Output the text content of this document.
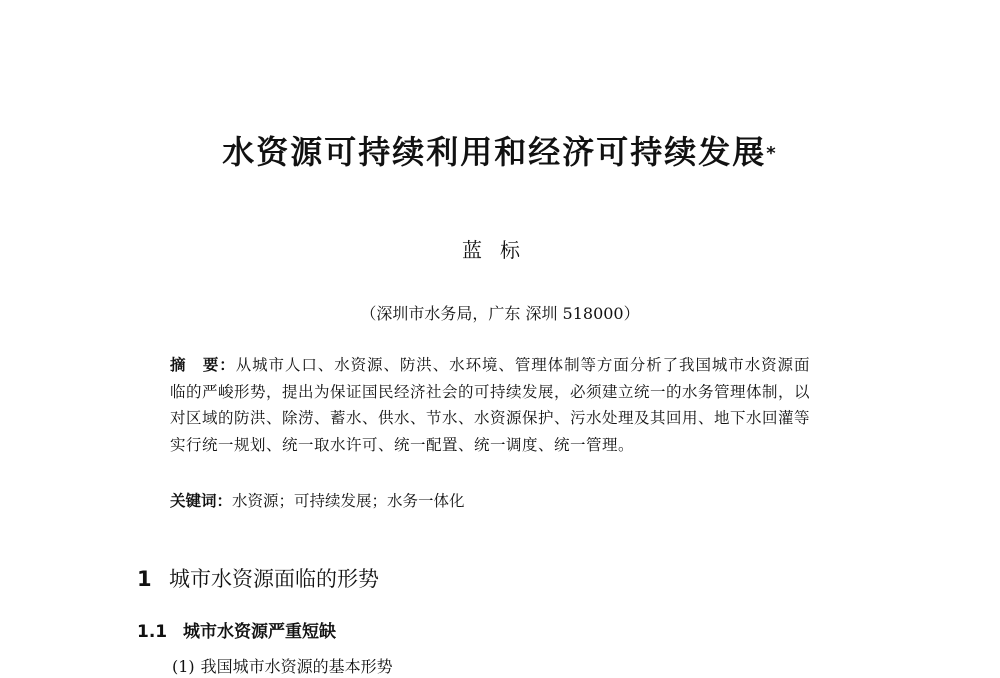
水资源可持续利用和经济可持续发展*
蓝标
（深圳市水务局，广东 深圳 518000）
摘　要：从城市人口、水资源、防洪、水环境、管理体制等方面分析了我国城市水资源面临的严峻形势，提出为保证国民经济社会的可持续发展，必须建立统一的水务管理体制，以对区域的防洪、除涝、蓄水、供水、节水、水资源保护、污水处理及其回用、地下水回灌等实行统一规划、统一取水许可、统一配置、统一调度、统一管理。
关键词：水资源；可持续发展；水务一体化
1 城市水资源面临的形势
1.1 城市水资源严重短缺
(1) 我国城市水资源的基本形势
